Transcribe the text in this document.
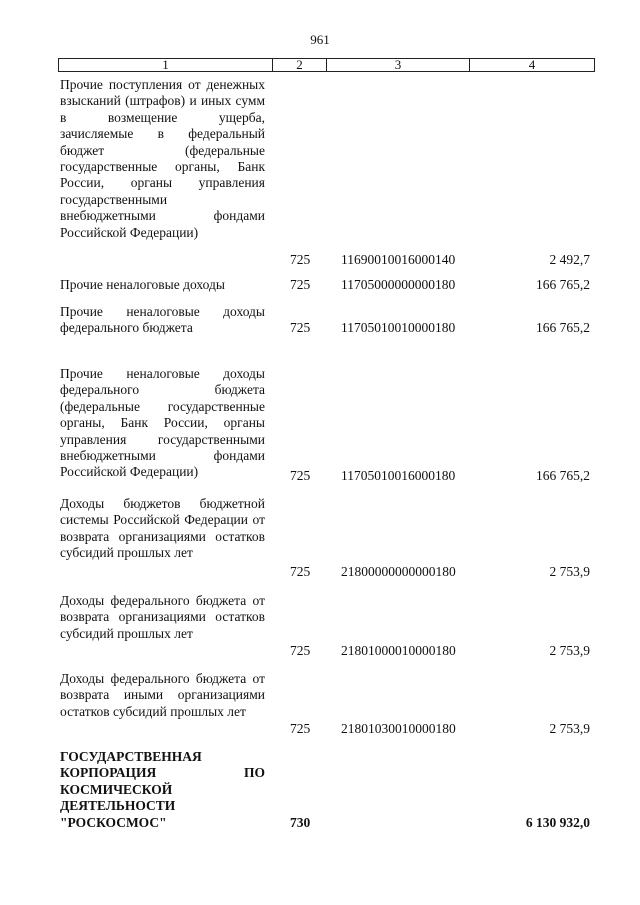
961
1	2	3	4
Прочие поступления от денежных взысканий (штрафов) и иных сумм в возмещение ущерба, зачисляемые в федеральный бюджет (федеральные государственные органы, Банк России, органы управления государственными внебюджетными фондами Российской Федерации)
725 11690010016000140	2 492,7
Прочие неналоговые доходы	725 11705000000000180	166 765,2
Прочие неналоговые доходы федерального бюджета	725 11705010010000180	166 765,2
Прочие неналоговые доходы федерального бюджета (федеральные государственные органы, Банк России, органы управления государственными внебюджетными фондами Российской Федерации)	725 11705010016000180	166 765,2
Доходы бюджетов бюджетной системы Российской Федерации от возврата организациями остатков субсидий прошлых лет
725 21800000000000180	2 753,9
Доходы федерального бюджета от возврата организациями остатков субсидий прошлых лет
725 21801000010000180	2 753,9
Доходы федерального бюджета от возврата иными организациями остатков субсидий прошлых лет
725 21801030010000180	2 753,9
ГОСУДАРСТВЕННАЯ КОРПОРАЦИЯ ПО КОСМИЧЕСКОЙ ДЕЯТЕЛЬНОСТИ "РОСКОСМОС"	730	6 130 932,0
